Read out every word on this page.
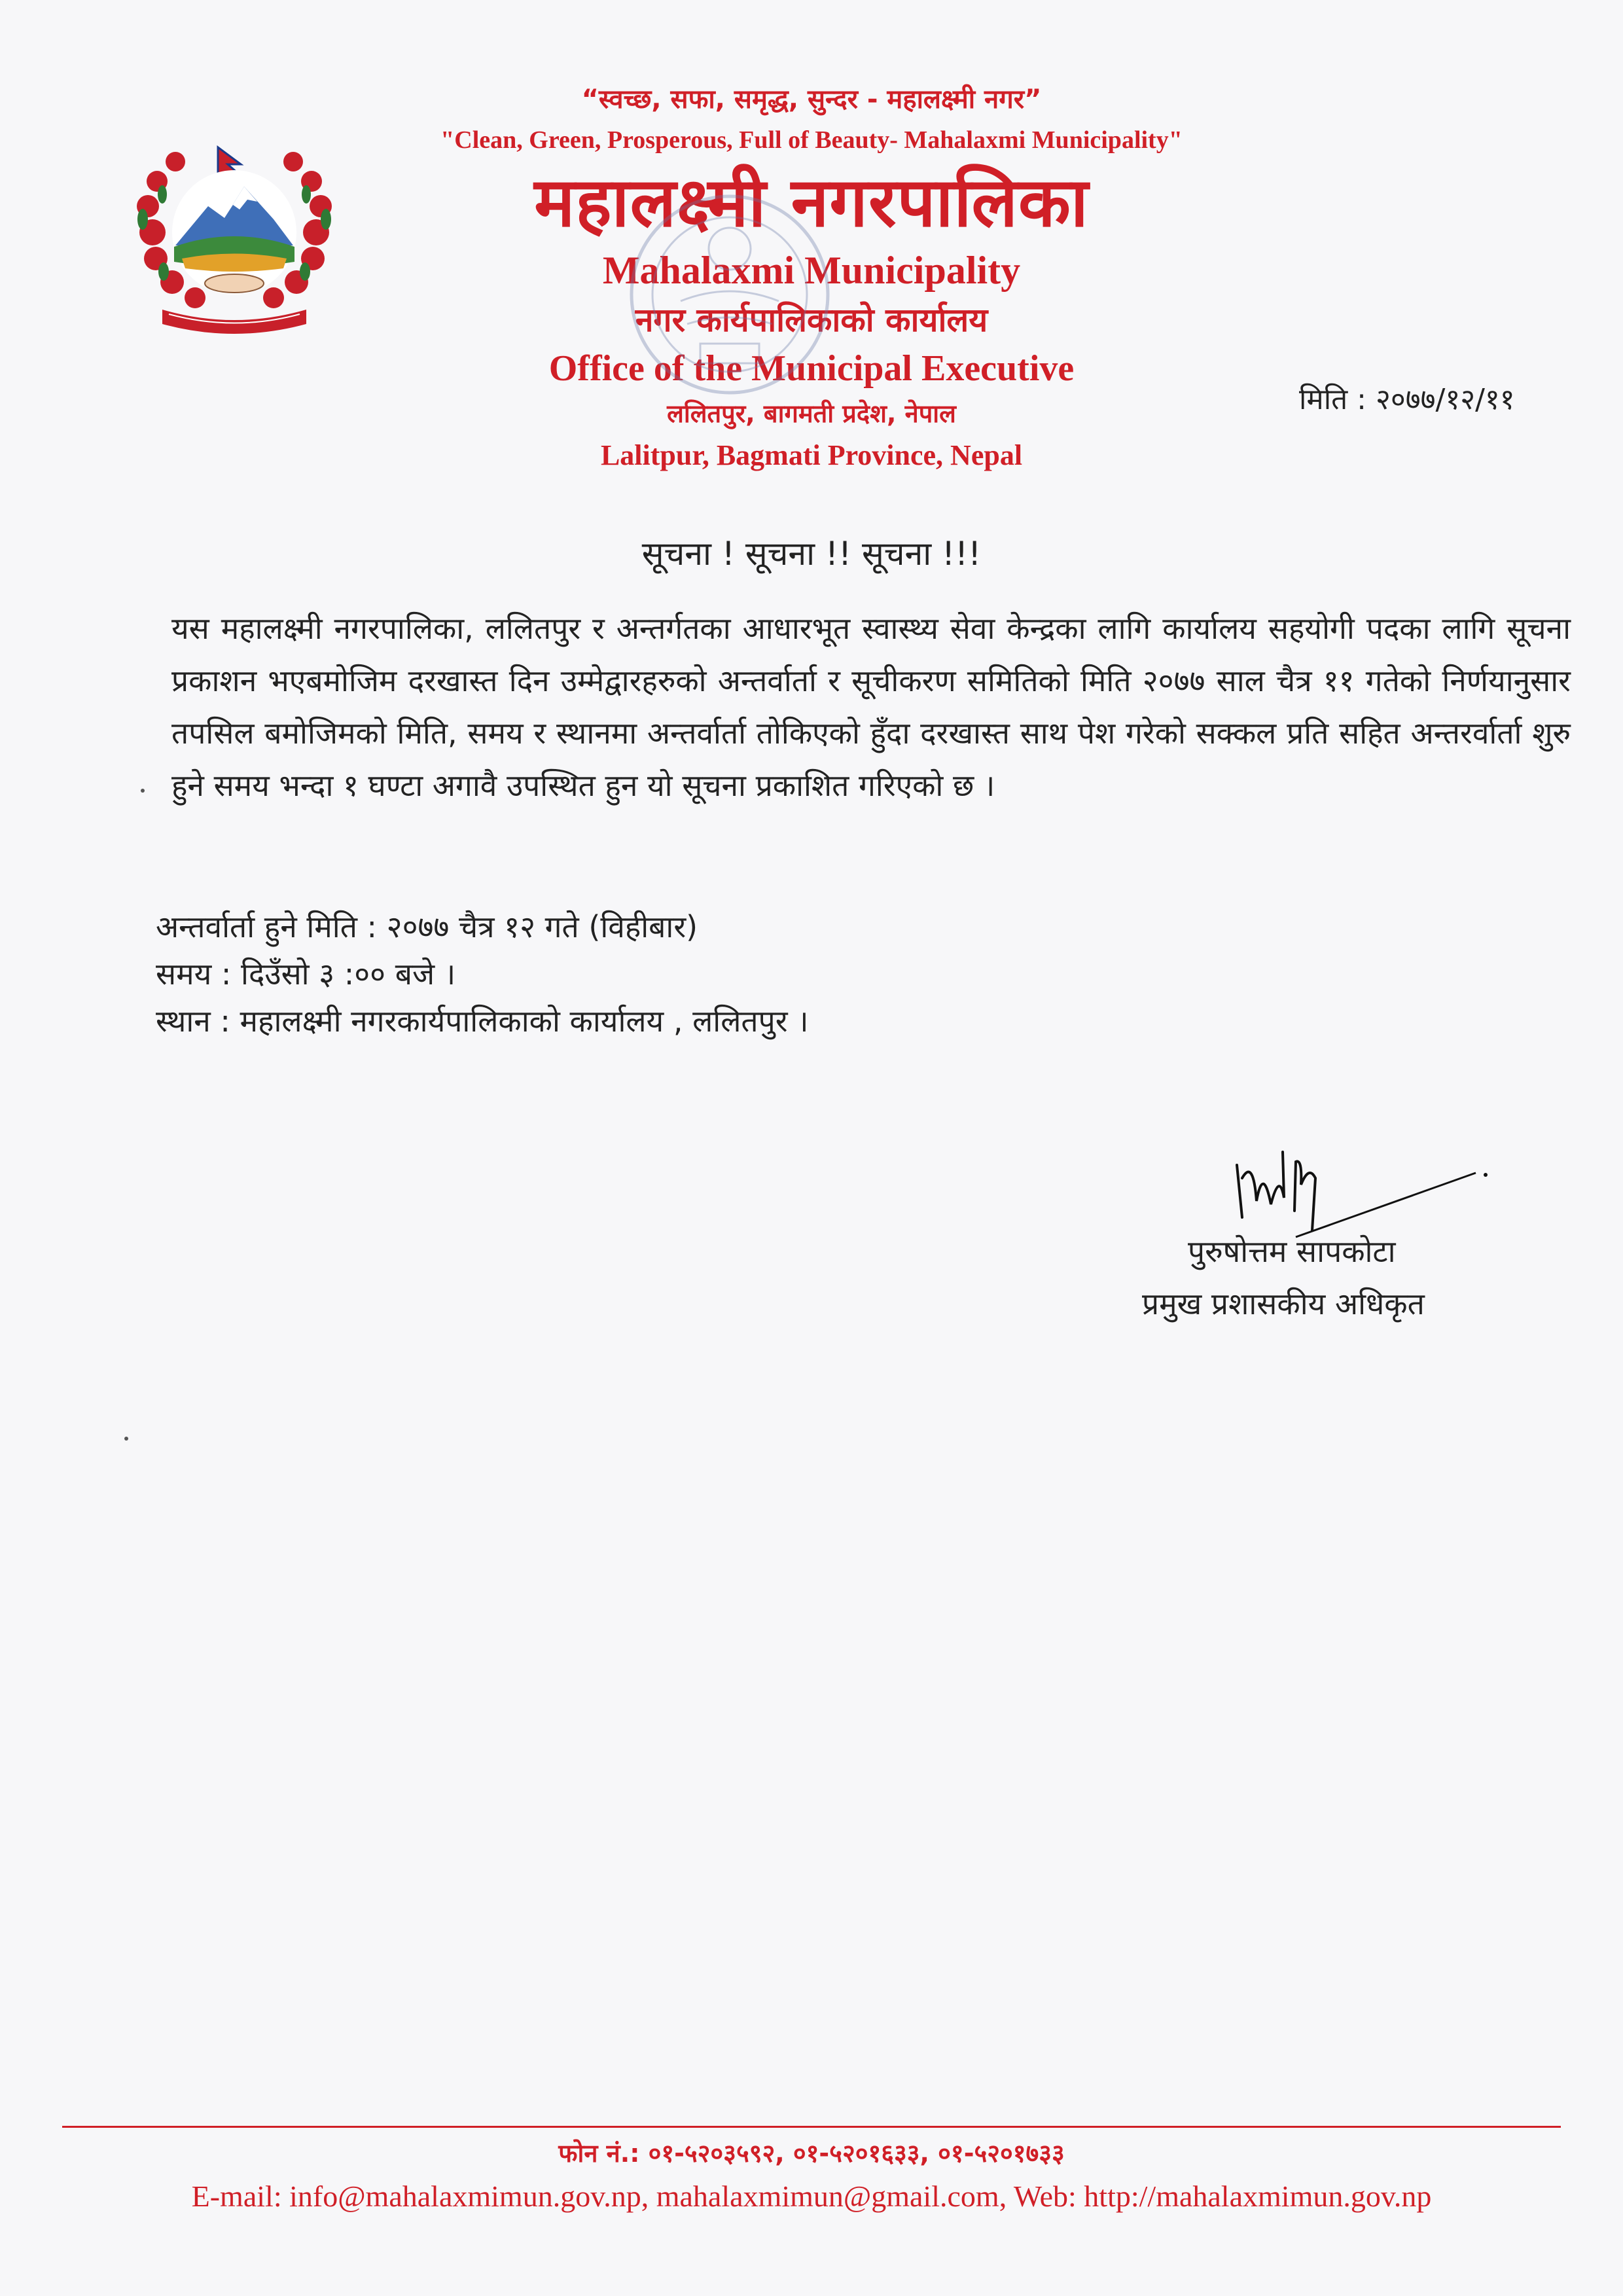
“स्वच्छ, सफा, समृद्ध, सुन्दर - महालक्ष्मी नगर”
"Clean, Green, Prosperous, Full of Beauty- Mahalaxmi Municipality"
महालक्ष्मी नगरपालिका
Mahalaxmi Municipality
नगर कार्यपालिकाको कार्यालय
Office of the Municipal Executive
ललितपुर, बागमती प्रदेश, नेपाल
Lalitpur, Bagmati Province, Nepal
मिति : २०७७/१२/११
सूचना ! सूचना !! सूचना !!!
यस महालक्ष्मी नगरपालिका, ललितपुर र अन्तर्गतका आधारभूत स्वास्थ्य सेवा केन्द्रका लागि कार्यालय सहयोगी पदका लागि सूचना प्रकाशन भएबमोजिम दरखास्त दिन उम्मेद्वारहरुको अन्तर्वार्ता र सूचीकरण समितिको मिति २०७७ साल चैत्र ११ गतेको निर्णयानुसार तपसिल बमोजिमको मिति, समय र स्थानमा अन्तर्वार्ता तोकिएको हुँदा दरखास्त साथ पेश गरेको सक्कल प्रति सहित अन्तरर्वार्ता शुरु हुने समय भन्दा १ घण्टा अगावै उपस्थित हुन यो सूचना प्रकाशित गरिएको छ ।
अन्तर्वार्ता हुने मिति : २०७७ चैत्र १२ गते (विहीबार)
समय : दिउँसो ३ :०० बजे ।
स्थान : महालक्ष्मी नगरकार्यपालिकाको कार्यालय , ललितपुर ।
पुरुषोत्तम सापकोटा
प्रमुख प्रशासकीय अधिकृत
फोन नं.: ०१-५२०३५९२, ०१-५२०१६३३, ०१-५२०१७३३
E-mail: info@mahalaxmimun.gov.np, mahalaxmimun@gmail.com, Web: http://mahalaxmimun.gov.np
